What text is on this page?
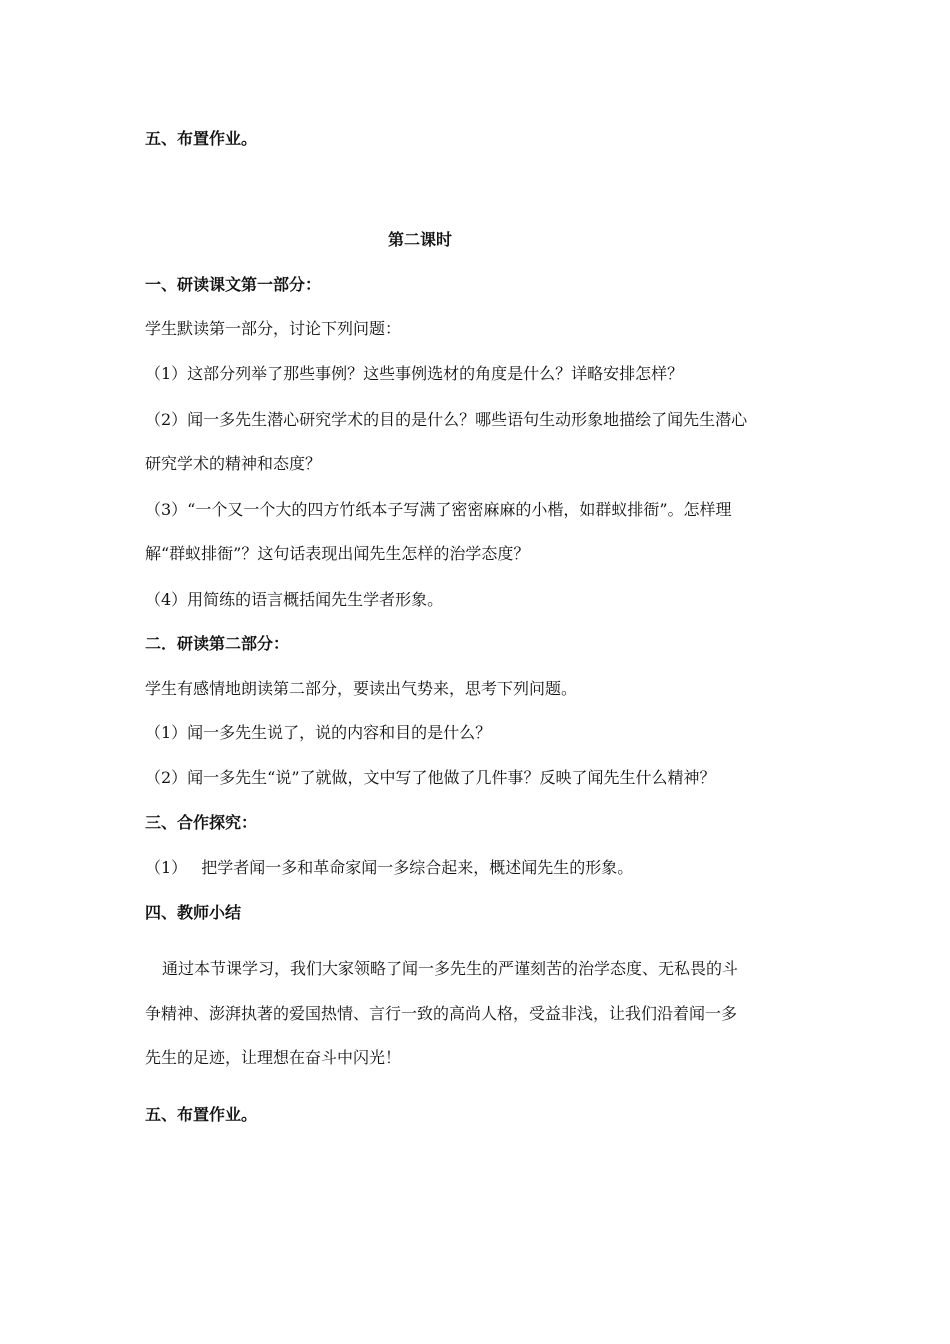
五、布置作业。
第二课时
一、研读课文第一部分：
学生默读第一部分，讨论下列问题：
（1）这部分列举了那些事例？这些事例选材的角度是什么？详略安排怎样？
（2）闻一多先生潜心研究学术的目的是什么？哪些语句生动形象地描绘了闻先生潜心
研究学术的精神和态度？
（3）“一个又一个大的四方竹纸本子写满了密密麻麻的小楷，如群蚁排衙”。怎样理
解“群蚁排衙”？这句话表现出闻先生怎样的治学态度？
（4）用简练的语言概括闻先生学者形象。
二．研读第二部分：
学生有感情地朗读第二部分，要读出气势来，思考下列问题。
（1）闻一多先生说了，说的内容和目的是什么？
（2）闻一多先生“说”了就做，文中写了他做了几件事？反映了闻先生什么精神？
三、合作探究：
（1） 把学者闻一多和革命家闻一多综合起来，概述闻先生的形象。
四、教师小结
通过本节课学习，我们大家领略了闻一多先生的严谨刻苦的治学态度、无私畏的斗
争精神、澎湃执著的爱国热情、言行一致的高尚人格，受益非浅，让我们沿着闻一多
先生的足迹，让理想在奋斗中闪光！
五、布置作业。
